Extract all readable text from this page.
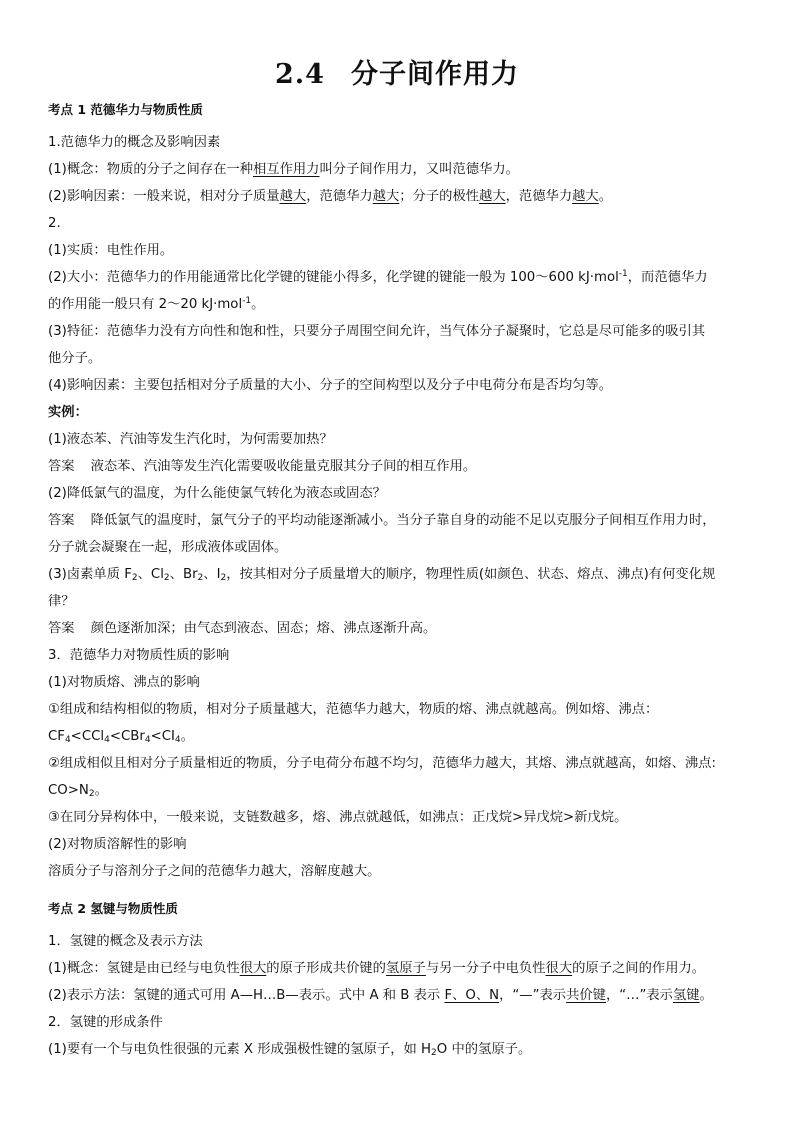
2.4 分子间作用力
考点 1 范德华力与物质性质
1.范德华力的概念及影响因素
(1)概念：物质的分子之间存在一种相互作用力叫分子间作用力，又叫范德华力。
(2)影响因素：一般来说，相对分子质量越大，范德华力越大；分子的极性越大，范德华力越大。
2.
(1)实质：电性作用。
(2)大小：范德华力的作用能通常比化学键的键能小得多，化学键的键能一般为 100～600 kJ·mol$^{-1}$，而范德华力
的作用能一般只有 2～20 kJ·mol$^{-1}$。
(3)特征：范德华力没有方向性和饱和性，只要分子周围空间允许，当气体分子凝聚时，它总是尽可能多的吸引其
他分子。
(4)影响因素：主要包括相对分子质量的大小、分子的空间构型以及分子中电荷分布是否均匀等。
实例：
(1)液态苯、汽油等发生汽化时，为何需要加热？
答案 液态苯、汽油等发生汽化需要吸收能量克服其分子间的相互作用。
(2)降低氯气的温度，为什么能使氯气转化为液态或固态？
答案 降低氯气的温度时，氯气分子的平均动能逐渐减小。当分子靠自身的动能不足以克服分子间相互作用力时，
分子就会凝聚在一起，形成液体或固体。
(3)卤素单质 $F_2$、$Cl_2$、$Br_2$、$I_2$，按其相对分子质量增大的顺序，物理性质(如颜色、状态、熔点、沸点)有何变化规
律？
答案 颜色逐渐加深；由气态到液态、固态；熔、沸点逐渐升高。
3．范德华力对物质性质的影响
(1)对物质熔、沸点的影响
①组成和结构相似的物质，相对分子质量越大，范德华力越大，物质的熔、沸点就越高。例如熔、沸点：
$CF_4<CCl_4<CBr_4<CI_4$。
②组成相似且相对分子质量相近的物质，分子电荷分布越不均匀，范德华力越大，其熔、沸点就越高，如熔、沸点:
$CO>N_2$。
③在同分异构体中，一般来说，支链数越多，熔、沸点就越低，如沸点：正戊烷>异戊烷>新戊烷。
(2)对物质溶解性的影响
溶质分子与溶剂分子之间的范德华力越大，溶解度越大。
考点 2 氢键与物质性质
1．氢键的概念及表示方法
(1)概念：氢键是由已经与电负性很大的原子形成共价键的氢原子与另一分子中电负性很大的原子之间的作用力。
(2)表示方法：氢键的通式可用 A—H…B—表示。式中 A 和 B 表示 F、O、N，“—”表示共价键，“…”表示氢键。
2．氢键的形成条件
(1)要有一个与电负性很强的元素 X 形成强极性键的氢原子，如 $H_2O$ 中的氢原子。
